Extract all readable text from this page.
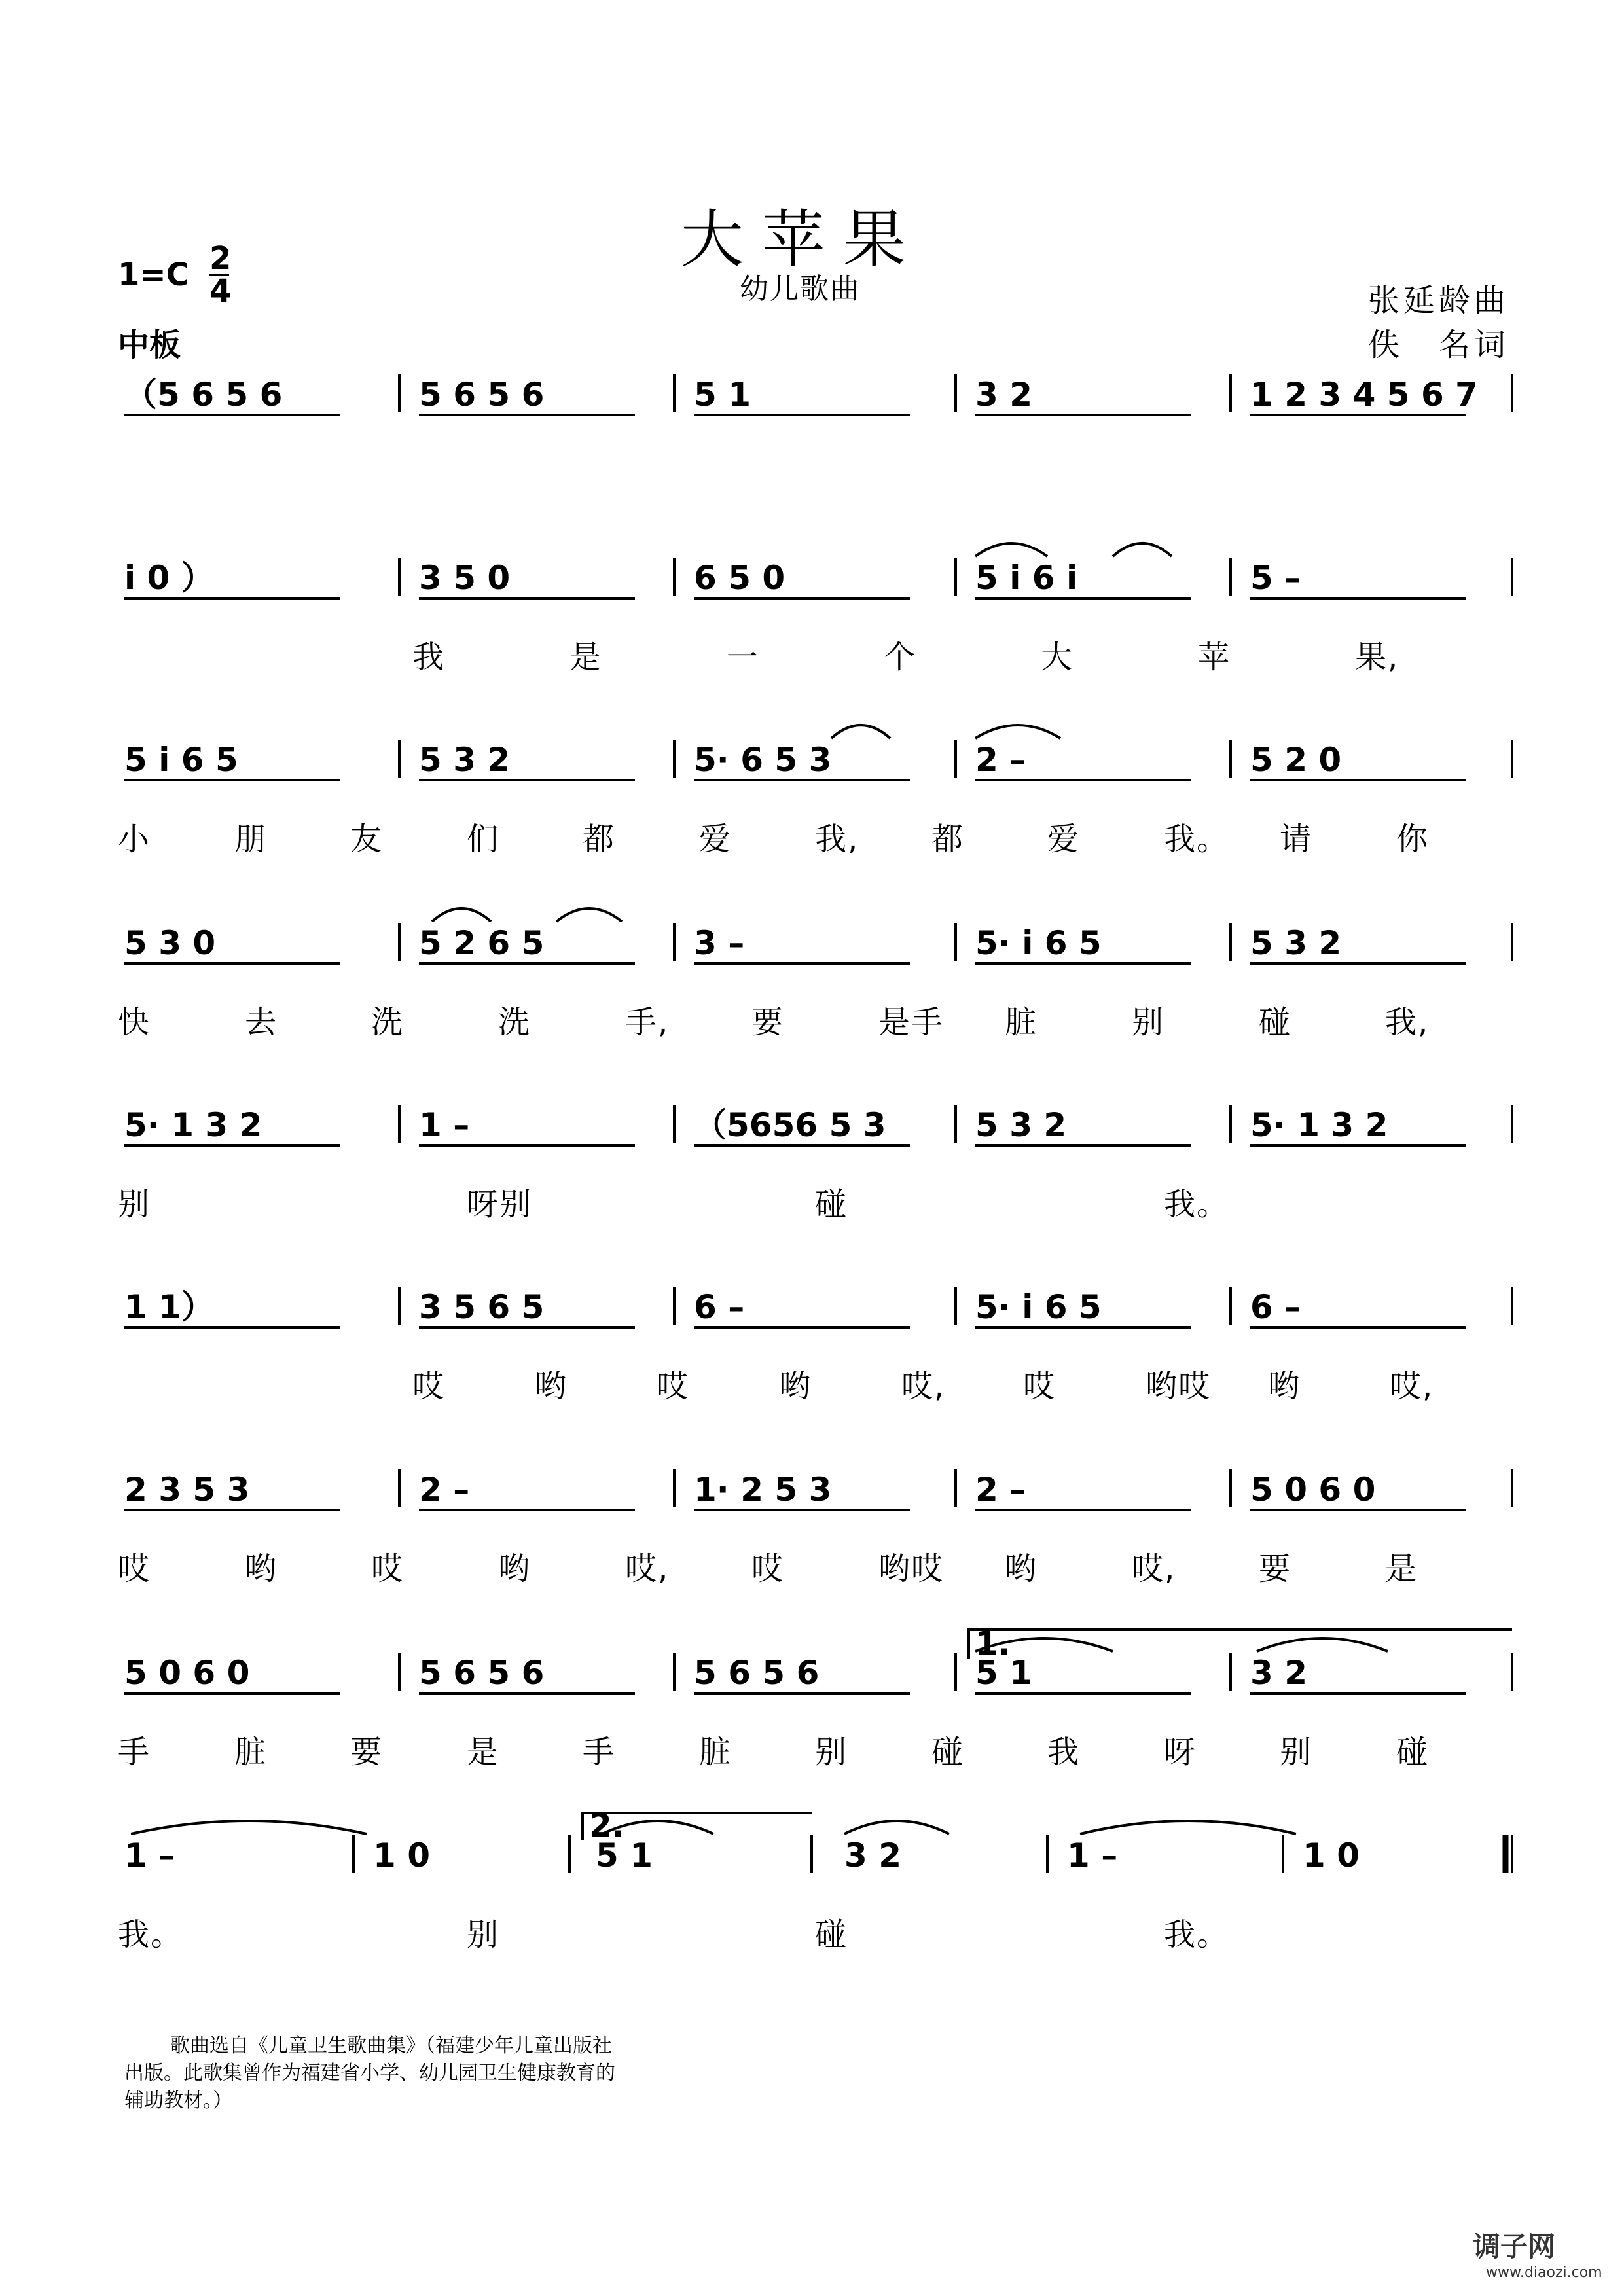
大苹果
幼儿歌曲
$1=C \frac{2}{4}$
中板
张延龄曲
佚　名词
（5 6 5 6	5 6 5 6	5 1	3 2	1 2 3 4 5 6 7
i 0 ）	3 5 0	6 5 0	5 i 6 i	5 –
5 i 6 5	5 3 2	5· 6 5 3	2 –	5 2 0
5 3 0	5 2 6 5	3 –	5· i 6 5	5 3 2
5· 1 3 2	1 –	（5656 5 3	5 3 2	5· 1 3 2
1 1）	3 5 6 5	6 –	5· i 6 5	6 –
2 3 5 3	2 –	1· 2 5 3	2 –	5 0 6 0
5 0 6 0	5 6 5 6	5 6 5 6	5 1	3 2
1 –	1 0	5 1	3 2	1 –	1 0
1.
2.
我	是	一	个	大	苹	果,
小	朋	友	们	都	爱	我, 都	爱	我。 请	你
快	去	洗	洗	手,	要	是手 脏	别	碰	我,
别	呀别	碰	我。
哎	哟	哎	哟	哎, 哎	哟哎 哟	哎,
哎	哟	哎	哟	哎,	哎	哟哎 哟	哎,	要	是
手	脏	要	是	手	脏	别	碰	我	呀	别	碰
我。	别	碰	我。
歌曲选自《儿童卫生歌曲集》（福建少年儿童出版社
出版。此歌集曾作为福建省小学、幼儿园卫生健康教育的
辅助教材。）
调子网
www.diaozi.com
